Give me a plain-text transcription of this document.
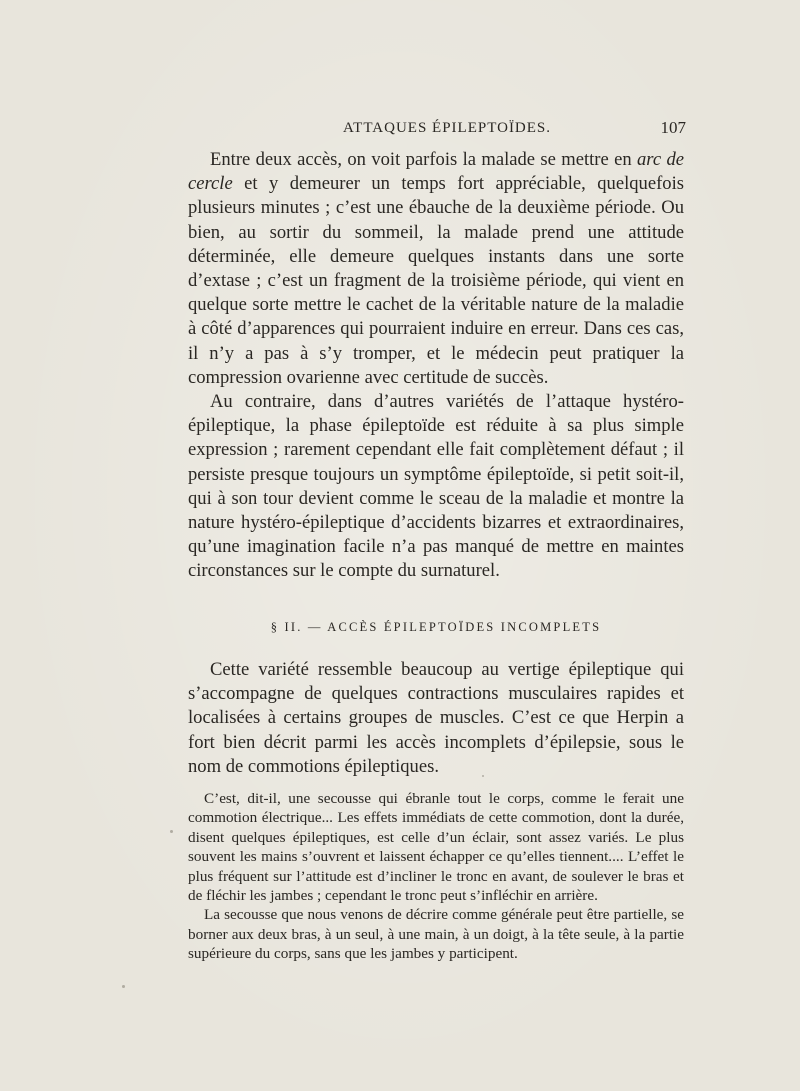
ATTAQUES ÉPILEPTOÏDES.	107

Entre deux accès, on voit parfois la malade se mettre en arc de cercle et y demeurer un temps fort appréciable, quelquefois plusieurs minutes ; c’est une ébauche de la deuxième période. Ou bien, au sortir du sommeil, la malade prend une attitude déterminée, elle demeure quelques instants dans une sorte d’extase ; c’est un fragment de la troisième période, qui vient en quelque sorte mettre le cachet de la véritable nature de la maladie à côté d’apparences qui pourraient induire en erreur. Dans ces cas, il n’y a pas à s’y tromper, et le médecin peut pratiquer la compression ovarienne avec certitude de succès.

Au contraire, dans d’autres variétés de l’attaque hystéro-épileptique, la phase épileptoïde est réduite à sa plus simple expression ; rarement cependant elle fait complètement défaut ; il persiste presque toujours un symptôme épileptoïde, si petit soit-il, qui à son tour devient comme le sceau de la maladie et montre la nature hystéro-épileptique d’accidents bizarres et extraordinaires, qu’une imagination facile n’a pas manqué de mettre en maintes circonstances sur le compte du surnaturel.

§ II. — ACCÈS ÉPILEPTOÏDES INCOMPLETS

Cette variété ressemble beaucoup au vertige épileptique qui s’accompagne de quelques contractions musculaires rapides et localisées à certains groupes de muscles. C’est ce que Herpin a fort bien décrit parmi les accès incomplets d’épilepsie, sous le nom de commotions épileptiques.

C’est, dit-il, une secousse qui ébranle tout le corps, comme le ferait une commotion électrique... Les effets immédiats de cette commotion, dont la durée, disent quelques épileptiques, est celle d’un éclair, sont assez variés. Le plus souvent les mains s’ouvrent et laissent échapper ce qu’elles tiennent.... L’effet le plus fréquent sur l’attitude est d’incliner le tronc en avant, de soulever le bras et de fléchir les jambes ; cependant le tronc peut s’infléchir en arrière.

La secousse que nous venons de décrire comme générale peut être partielle, se borner aux deux bras, à un seul, à une main, à un doigt, à la tête seule, à la partie supérieure du corps, sans que les jambes y participent.
